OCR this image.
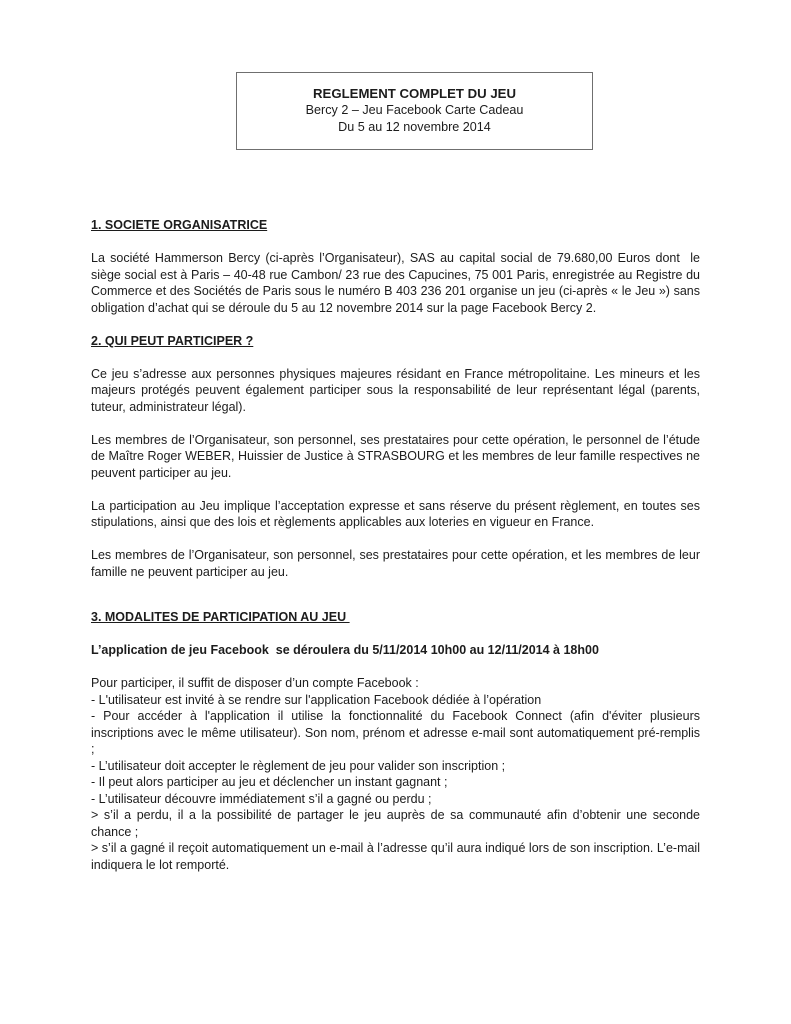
REGLEMENT COMPLET DU JEU
Bercy 2 – Jeu Facebook Carte Cadeau
Du 5 au 12 novembre 2014
1. SOCIETE ORGANISATRICE
La société Hammerson Bercy (ci-après l’Organisateur), SAS au capital social de 79.680,00 Euros dont  le siège social est à Paris – 40-48 rue Cambon/ 23 rue des Capucines, 75 001 Paris, enregistrée au Registre du Commerce et des Sociétés de Paris sous le numéro B 403 236 201 organise un jeu (ci-après « le Jeu ») sans obligation d’achat qui se déroule du 5 au 12 novembre 2014 sur la page Facebook Bercy 2.
2. QUI PEUT PARTICIPER ?
Ce jeu s’adresse aux personnes physiques majeures résidant en France métropolitaine. Les mineurs et les majeurs protégés peuvent également participer sous la responsabilité de leur représentant légal (parents, tuteur, administrateur légal).
Les membres de l’Organisateur, son personnel, ses prestataires pour cette opération, le personnel de l’étude de Maître Roger WEBER, Huissier de Justice à STRASBOURG et les membres de leur famille respectives ne peuvent participer au jeu.
La participation au Jeu implique l’acceptation expresse et sans réserve du présent règlement, en toutes ses stipulations, ainsi que des lois et règlements applicables aux loteries en vigueur en France.
Les membres de l’Organisateur, son personnel, ses prestataires pour cette opération, et les membres de leur famille ne peuvent participer au jeu.
3. MODALITES DE PARTICIPATION AU JEU
L’application de jeu Facebook  se déroulera du 5/11/2014 10h00 au 12/11/2014 à 18h00
Pour participer, il suffit de disposer d’un compte Facebook :
- L'utilisateur est invité à se rendre sur l'application Facebook dédiée à l’opération
- Pour accéder à l'application il utilise la fonctionnalité du Facebook Connect (afin d'éviter plusieurs inscriptions avec le même utilisateur). Son nom, prénom et adresse e-mail sont automatiquement pré-remplis ;
- L’utilisateur doit accepter le règlement de jeu pour valider son inscription ;
- Il peut alors participer au jeu et déclencher un instant gagnant ;
- L’utilisateur découvre immédiatement s’il a gagné ou perdu ;
> s’il a perdu, il a la possibilité de partager le jeu auprès de sa communauté afin d’obtenir une seconde chance ;
> s’il a gagné il reçoit automatiquement un e-mail à l’adresse qu’il aura indiqué lors de son inscription. L’e-mail indiquera le lot remporté.
